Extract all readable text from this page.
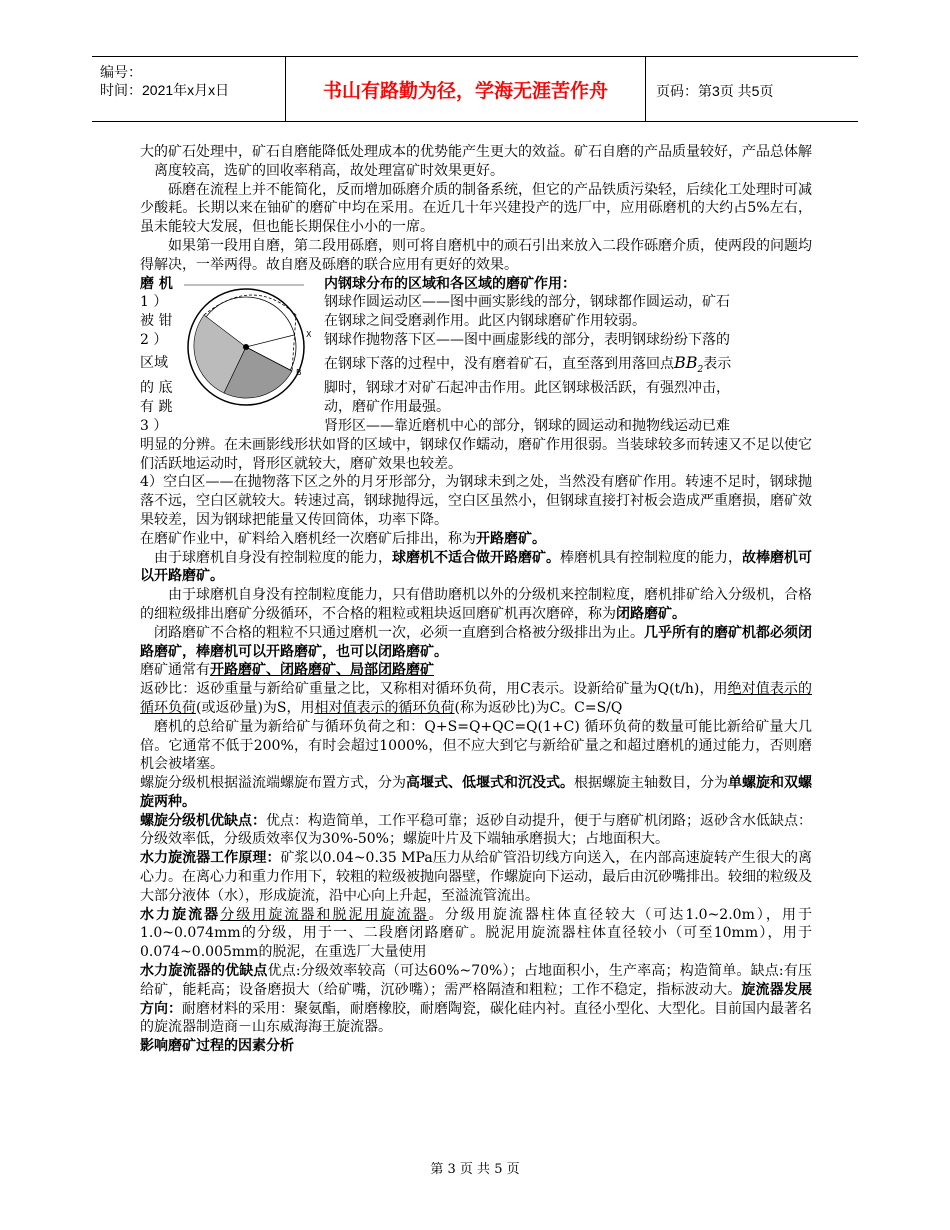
编号：
时间：2021年x月x日	书山有路勤为径，学海无涯苦作舟	页码：第3页 共5页

大的矿石处理中，矿石自磨能降低处理成本的优势能产生更大的效益。矿石自磨的产品质量较好，产品总体解离度较高，选矿的回收率稍高，故处理富矿时效果更好。

砾磨在流程上并不能简化，反而增加砾磨介质的制备系统，但它的产品铁质污染轻，后续化工处理时可减少酸耗。长期以来在铀矿的磨矿中均在采用。在近几十年兴建投产的选厂中，应用砾磨机的大约占5%左右，虽未能较大发展，但也能长期保住小小的一席。

如果第一段用自磨，第二段用砾磨，则可将自磨机中的顽石引出来放入二段作砾磨介质，使两段的问题均得解决，一举两得。故自磨及砾磨的联合应用有更好的效果。

B
X
磨 机	内钢球分布的区域和各区域的磨矿作用：
1 ）	钢球作圆运动区——图中画实影线的部分，钢球都作圆运动，矿石
被 钳	在钢球之间受磨剥作用。此区内钢球磨矿作用较弱。
2 ）	钢球作抛物落下区——图中画虚影线的部分，表明钢球纷纷下落的
区域	在钢球下落的过程中，没有磨着矿石，直至落到用落回点$BB_2$表示
的 底	脚时，钢球才对矿石起冲击作用。此区钢球极活跃，有强烈冲击，
有 跳	动，磨矿作用最强。
3 ）	肾形区——靠近磨机中心的部分，钢球的圆运动和抛物线运动已难

明显的分辨。在未画影线形状如肾的区域中，钢球仅作蠕动，磨矿作用很弱。当装球较多而转速又不足以使它们活跃地运动时，肾形区就较大，磨矿效果也较差。

4）空白区——在抛物落下区之外的月牙形部分，为钢球未到之处，当然没有磨矿作用。转速不足时，钢球抛落不远，空白区就较大。转速过高，钢球抛得远，空白区虽然小，但钢球直接打衬板会造成严重磨损，磨矿效果较差，因为钢球把能量又传回筒体，功率下降。

在磨矿作业中，矿料给入磨机经一次磨矿后排出，称为开路磨矿。

由于球磨机自身没有控制粒度的能力，球磨机不适合做开路磨矿。棒磨机具有控制粒度的能力，故棒磨机可以开路磨矿。

由于球磨机自身没有控制粒度能力，只有借助磨机以外的分级机来控制粒度，磨机排矿给入分级机，合格的细粒级排出磨矿分级循环，不合格的粗粒或粗块返回磨矿机再次磨碎，称为闭路磨矿。

闭路磨矿不合格的粗粒不只通过磨机一次，必须一直磨到合格被分级排出为止。几乎所有的磨矿机都必须闭路磨矿，棒磨机可以开路磨矿，也可以闭路磨矿。

磨矿通常有开路磨矿、闭路磨矿、局部闭路磨矿

返砂比：返砂重量与新给矿重量之比，又称相对循环负荷，用C表示。设新给矿量为Q(t/h)，用绝对值表示的循环负荷(或返砂量)为S，用相对值表示的循环负荷(称为返砂比)为C。C=S/Q

磨机的总给矿量为新给矿与循环负荷之和：Q+S=Q+QC=Q(1+C) 循环负荷的数量可能比新给矿量大几倍。它通常不低于200%，有时会超过1000%，但不应大到它与新给矿量之和超过磨机的通过能力，否则磨机会被堵塞。

螺旋分级机根据溢流端螺旋布置方式，分为高堰式、低堰式和沉没式。根据螺旋主轴数目，分为单螺旋和双螺旋两种。

螺旋分级机优缺点：优点：构造简单，工作平稳可靠；返砂自动提升，便于与磨矿机闭路；返砂含水低缺点：分级效率低，分级质效率仅为30%-50%；螺旋叶片及下端轴承磨损大；占地面积大。

水力旋流器工作原理：矿浆以0.04~0.35 MPa压力从给矿管沿切线方向送入，在内部高速旋转产生很大的离心力。在离心力和重力作用下，较粗的粒级被抛向器壁，作螺旋向下运动，最后由沉砂嘴排出。较细的粒级及大部分液体（水），形成旋流，沿中心向上升起，至溢流管流出。

水力旋流器分级用旋流器和脱泥用旋流器。分级用旋流器柱体直径较大（可达1.0~2.0m），用于1.0~0.074mm的分级，用于一、二段磨闭路磨矿。脱泥用旋流器柱体直径较小（可至10mm），用于0.074~0.005mm的脱泥，在重选厂大量使用

水力旋流器的优缺点优点:分级效率较高（可达60%~70%）；占地面积小，生产率高；构造简单。缺点:有压给矿，能耗高；设备磨损大（给矿嘴，沉砂嘴）；需严格隔渣和粗粒；工作不稳定，指标波动大。旋流器发展方向：耐磨材料的采用：聚氨酯，耐磨橡胶，耐磨陶瓷，碳化硅内衬。直径小型化、大型化。目前国内最著名的旋流器制造商－山东威海海王旋流器。

影响磨矿过程的因素分析

第 3 页 共 5 页
